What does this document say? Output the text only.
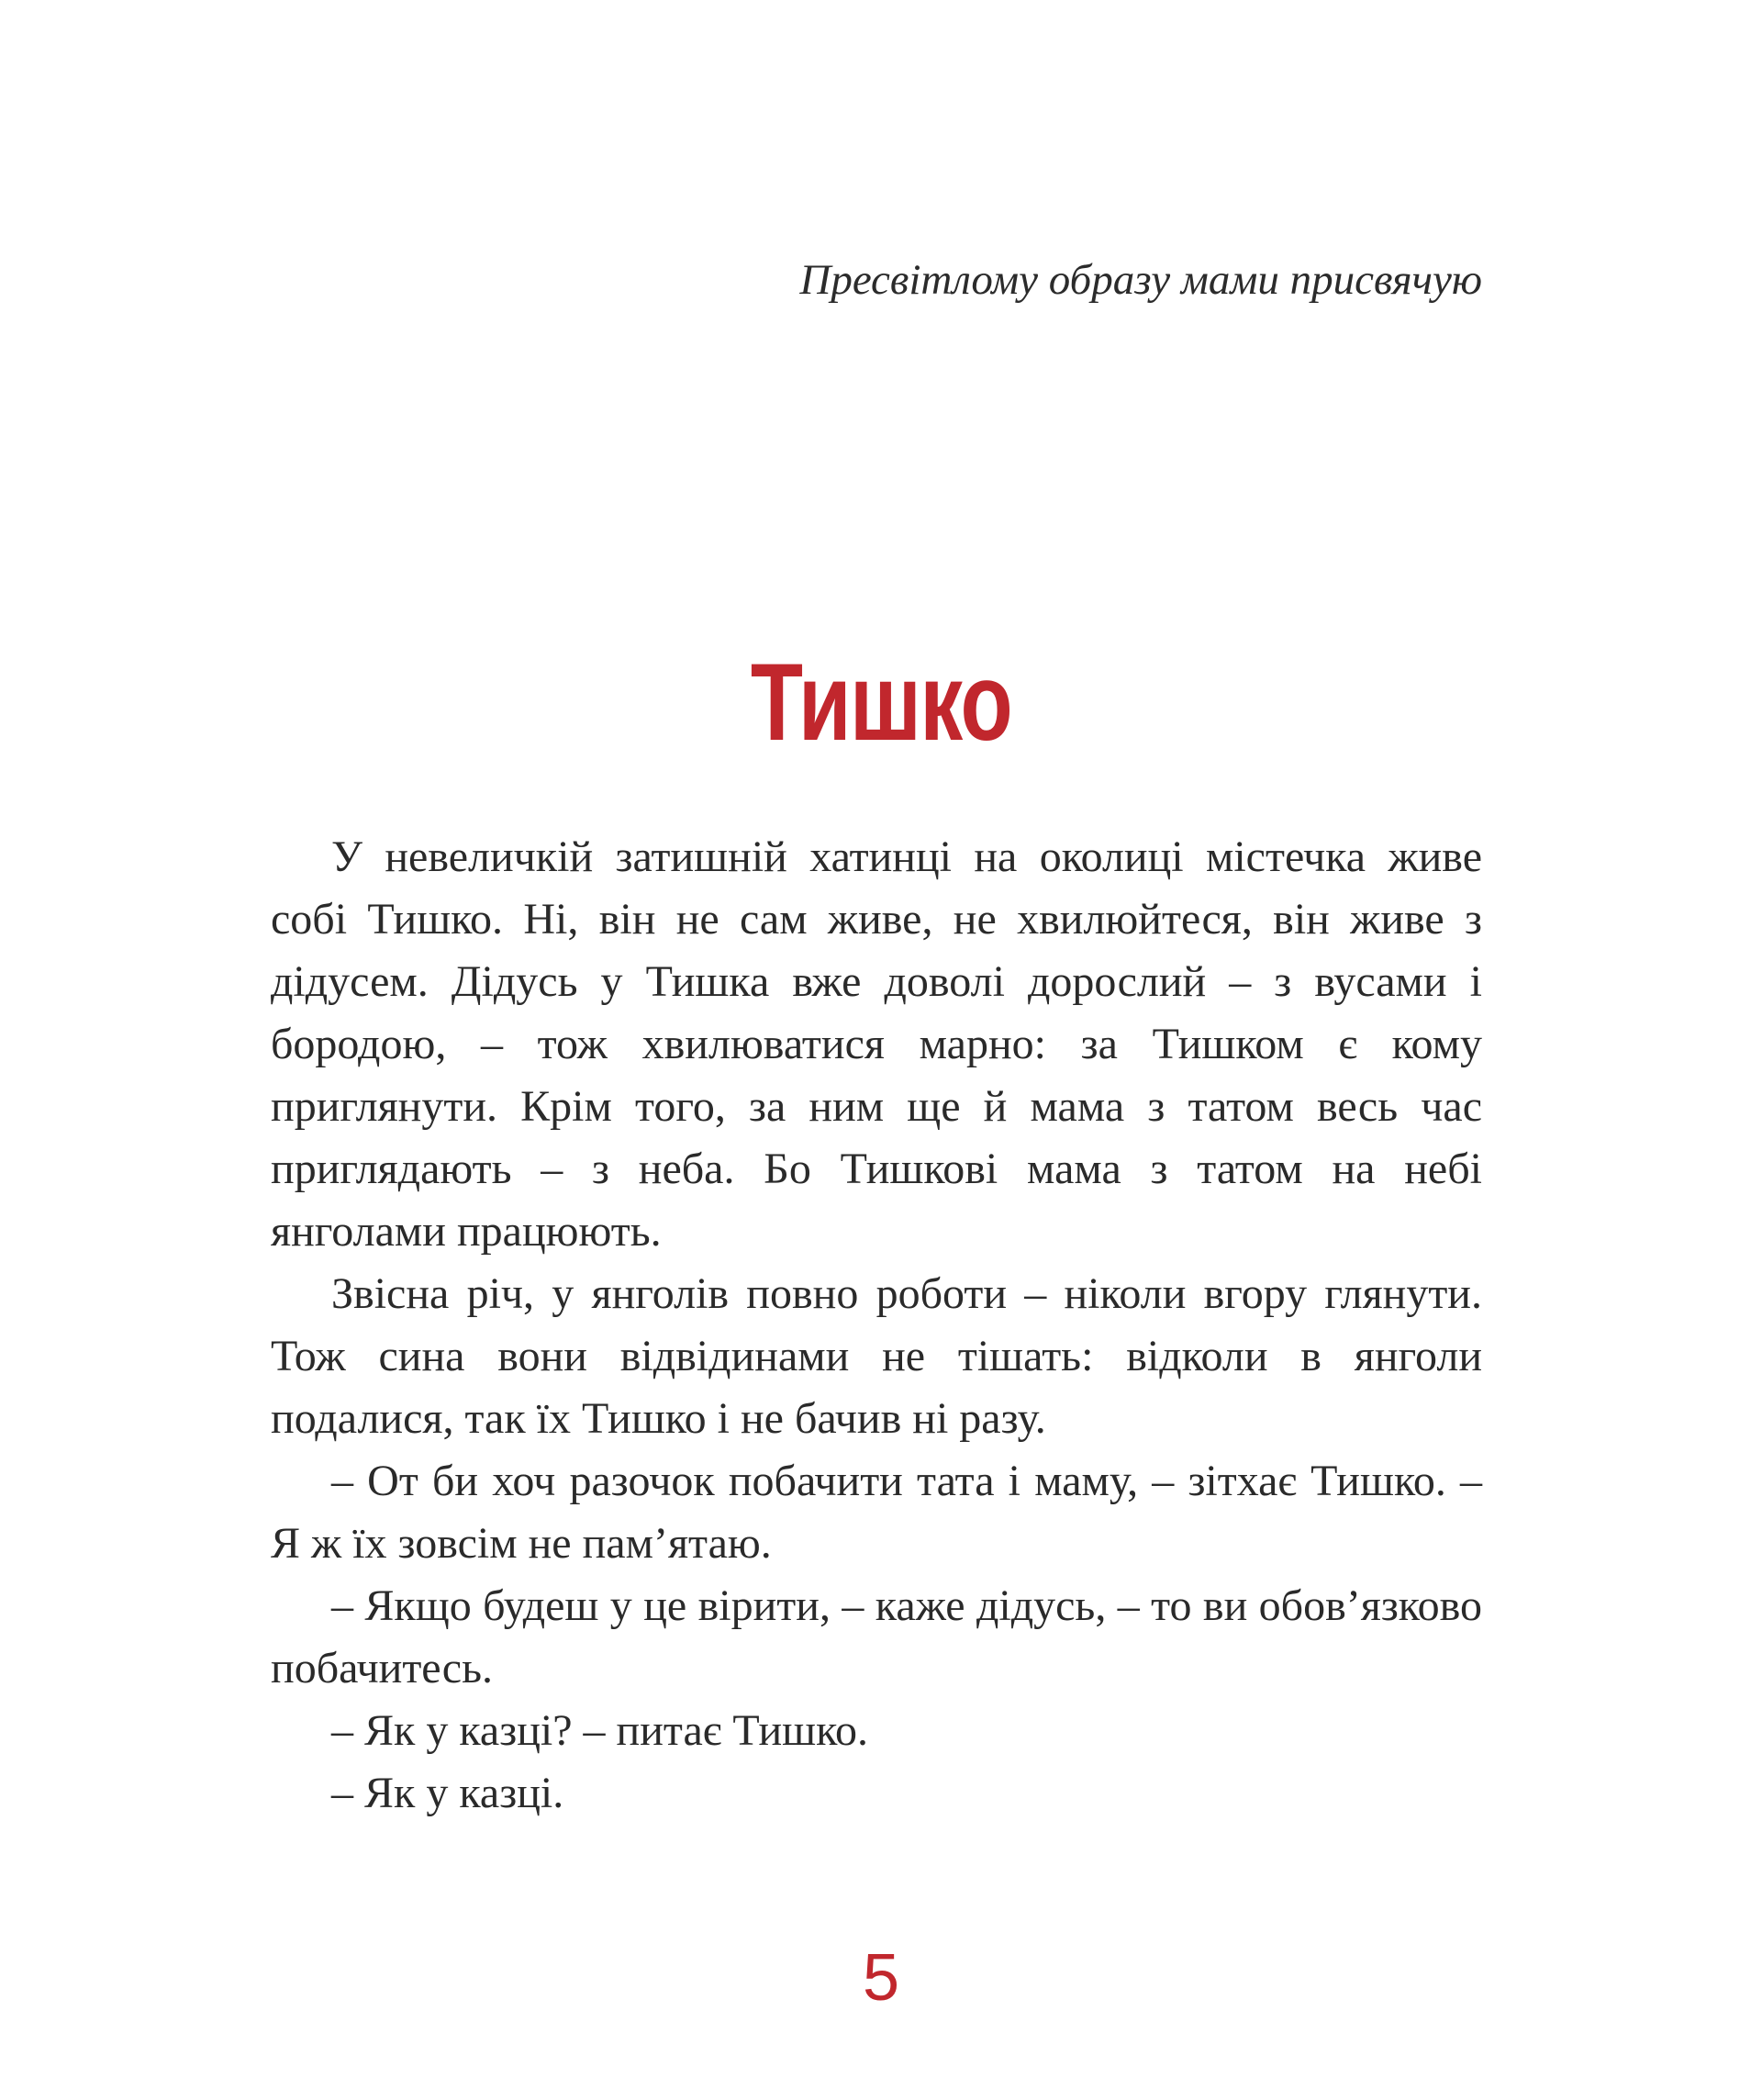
Пресвітлому образу мами присвячую
Тишко

У невеличкій затишній хатинці на околиці містечка живе собі Тишко. Ні, він не сам живе, не хвилюйтеся, він живе з дідусем. Дідусь у Тишка вже доволі дорослий – з вусами і бородою, – тож хвилюватися марно: за Тишком є кому приглянути. Крім того, за ним ще й мама з татом весь час приглядають – з неба. Бо Тишкові мама з татом на небі янголами працюють.

Звісна річ, у янголів повно роботи – ніколи вгору глянути. Тож сина вони відвідинами не тішать: відколи в янголи подалися, так їх Тишко і не бачив ні разу.

– От би хоч разочок побачити тата і маму, – зітхає Тишко. – Я ж їх зовсім не пам’ятаю.

– Якщо будеш у це вірити, – каже дідусь, – то ви обов’язково побачитесь.

– Як у казці? – питає Тишко.

– Як у казці.

5
